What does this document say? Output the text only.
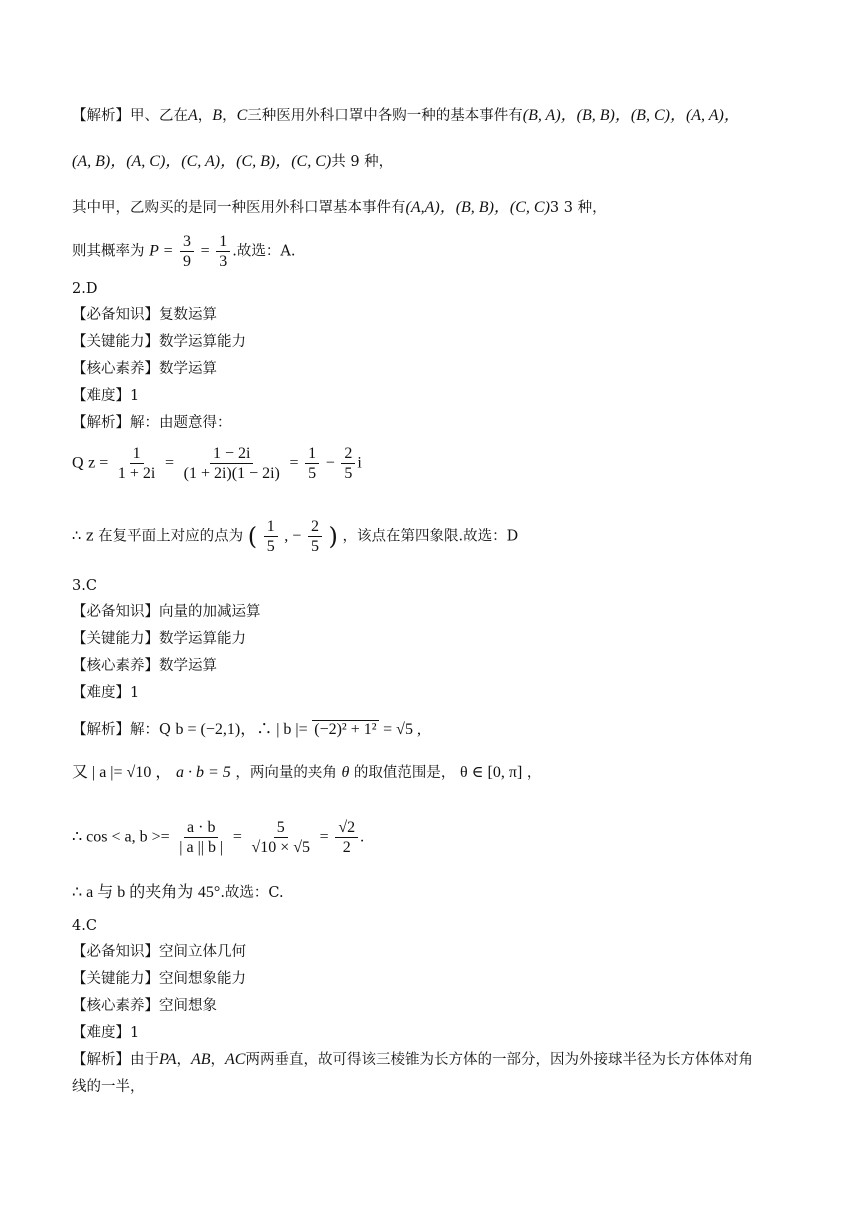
【解析】甲、乙在A，B，C三种医用外科口罩中各购一种的基本事件有(B, A)，(B, B)，(B, C)，(A, A)，
(A, B)，(A, C)，(C, A)，(C, B)，(C, C)共 9 种，
其中甲，乙购买的是同一种医用外科口罩基本事件有(A,A)，(B, B)，(C, C)3 3 种，
则其概率为 $P = \frac{3}{9} = \frac{1}{3}$ .故选：A.
2.D
【必备知识】复数运算
【关键能力】数学运算能力
【核心素养】数学运算
【难度】1
【解析】解：由题意得：
Q $z = \frac{1}{1 + 2i} = \frac{1 - 2i}{(1 + 2i)(1 - 2i)} = \frac{1}{5} - \frac{2}{5}$ i
∴ z 在复平面上对应的点为 ( $\frac{1}{5}$ , − $\frac{2}{5}$ ) ，该点在第四象限.故选：D
3.C
【必备知识】向量的加减运算
【关键能力】数学运算能力
【核心素养】数学运算
【难度】1
【解析】解：Q b = (−2,1)，∴ | b |= (−2)² + 1² = √5 ,
又 | a |= √10 ， a · b = 5 ，两向量的夹角 θ 的取值范围是， θ ∈ [0, π] ，
∴ cos < a, $b >= \frac{a \cdot b}{| a || b |} = \frac{5}{√10 \times √5} = \frac{√2}{2}$ .
∴ a 与 b 的夹角为 45°.故选：C.
4.C
【必备知识】空间立体几何
【关键能力】空间想象能力
【核心素养】空间想象
【难度】1
【解析】由于PA，AB，AC两两垂直，故可得该三棱锥为长方体的一部分，因为外接球半径为长方体体对角
线的一半，
